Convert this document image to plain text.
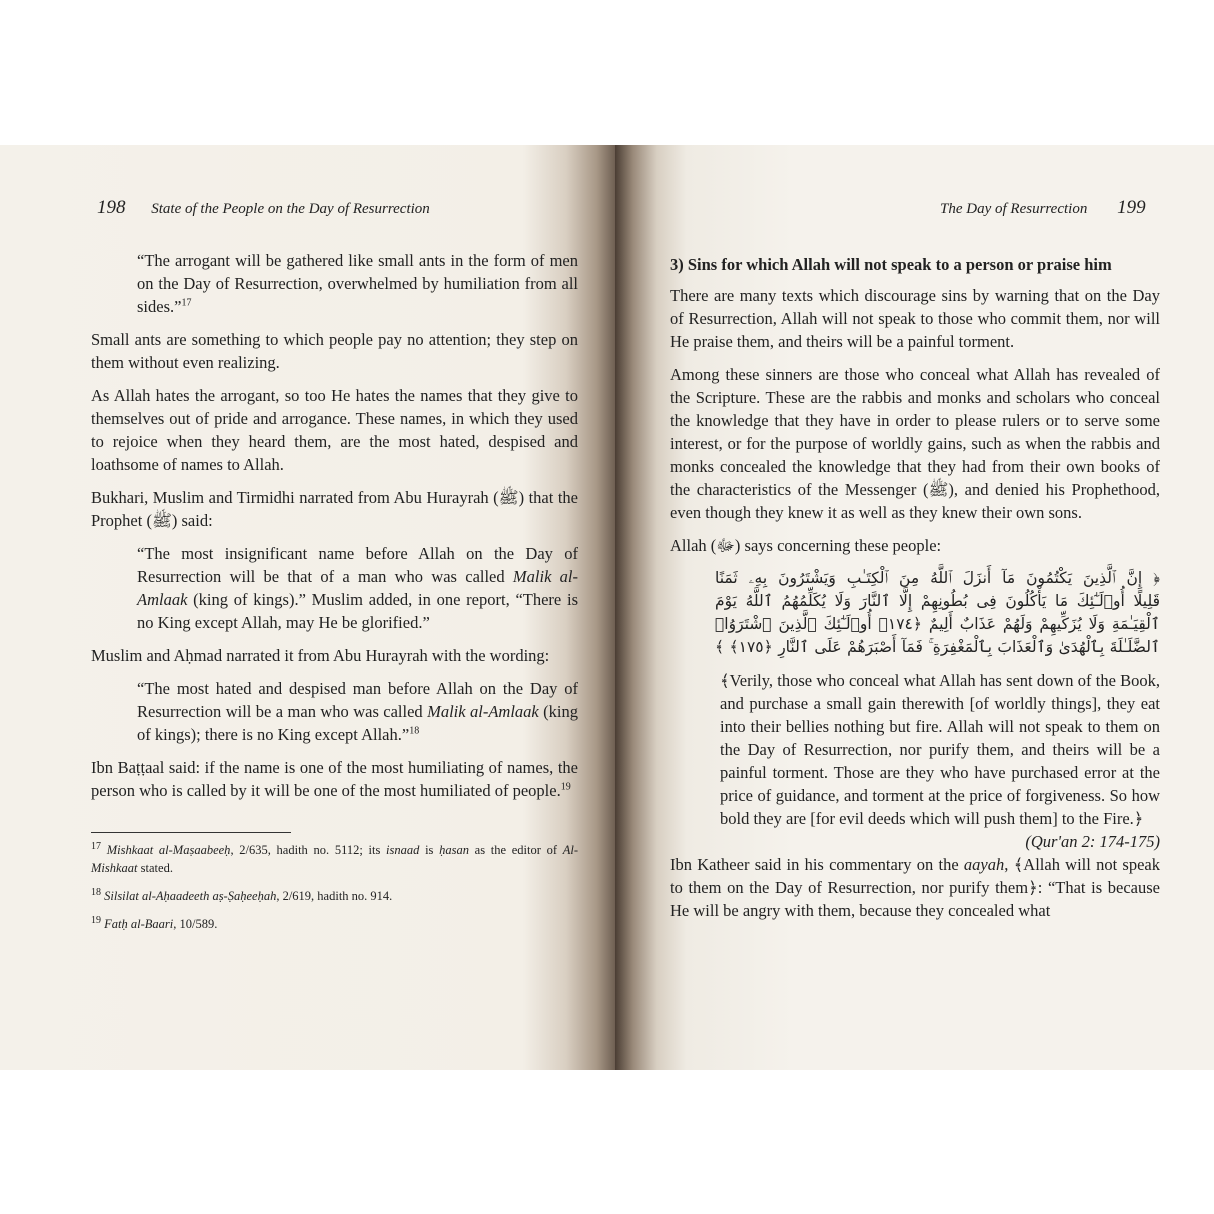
198 State of the People on the Day of Resurrection

“The arrogant will be gathered like small ants in the form of men on the Day of Resurrection, overwhelmed by humiliation from all sides.”$^{17}$

Small ants are something to which people pay no attention; they step on them without even realizing.

As Allah hates the arrogant, so too He hates the names that they give to themselves out of pride and arrogance. These names, in which they used to rejoice when they heard them, are the most hated, despised and loathsome of names to Allah.

Bukhari, Muslim and Tirmidhi narrated from Abu Hurayrah (ﷺ) that the Prophet (ﷺ) said:

“The most insignificant name before Allah on the Day of Resurrection will be that of a man who was called Malik al-Amlaak (king of kings).” Muslim added, in one report, “There is no King except Allah, may He be glorified.”

Muslim and Aḥmad narrated it from Abu Hurayrah with the wording:

“The most hated and despised man before Allah on the Day of Resurrection will be a man who was called Malik al-Amlaak (king of kings); there is no King except Allah.”$^{18}$

Ibn Baṭṭaal said: if the name is one of the most humiliating of names, the person who is called by it will be one of the most humiliated of people.$^{19}$

$^{17}$ Mishkaat al-Maṣaabeeḥ, 2/635, hadith no. 5112; its isnaad is ḥasan as the editor of Al-Mishkaat stated.

$^{18}$ Silsilat al-Aḥaadeeth aṣ-Ṣaḥeeḥah, 2/619, hadith no. 914.

$^{19}$ Fatḥ al-Baari, 10/589.

The Day of Resurrection 199
3) Sins for which Allah will not speak to a person or praise him

There are many texts which discourage sins by warning that on the Day of Resurrection, Allah will not speak to those who commit them, nor will He praise them, and theirs will be a painful torment.

Among these sinners are those who conceal what Allah has revealed of the Scripture. These are the rabbis and monks and scholars who conceal the knowledge that they have in order to please rulers or to serve some interest, or for the purpose of worldly gains, such as when the rabbis and monks concealed the knowledge that they had from their own books of the characteristics of the Messenger (ﷺ), and denied his Prophethood, even though they knew it as well as they knew their own sons.

Allah (ﷻ) says concerning these people:

﴿ إِنَّ ٱلَّذِينَ يَكْتُمُونَ مَآ أَنزَلَ ٱللَّهُ مِنَ ٱلْكِتَـٰبِ وَيَشْتَرُونَ بِهِۦ ثَمَنًا
قَلِيلًا أُو۟لَـٰٓئِكَ مَا يَأْكُلُونَ فِى بُطُونِهِمْ إِلَّا ٱلنَّارَ وَلَا يُكَلِّمُهُمُ ٱللَّهُ يَوْمَ
ٱلْقِيَـٰمَةِ وَلَا يُزَكِّيهِمْ وَلَهُمْ عَذَابٌ أَلِيمٌ ﴿١٧٤﴾ أُو۟لَـٰٓئِكَ ٱلَّذِينَ ٱشْتَرَوُا۟
ٱلضَّلَـٰلَةَ بِٱلْهُدَىٰ وَٱلْعَذَابَ بِٱلْمَغْفِرَةِ ۚ فَمَآ أَصْبَرَهُمْ عَلَى ٱلنَّارِ ﴿١٧٥﴾ ﴾

﴾Verily, those who conceal what Allah has sent down of the Book, and purchase a small gain therewith [of worldly things], they eat into their bellies nothing but fire. Allah will not speak to them on the Day of Resurrection, nor purify them, and theirs will be a painful torment. Those are they who have purchased error at the price of guidance, and torment at the price of forgiveness. So how bold they are [for evil deeds which will push them] to the Fire.﴿
(Qur'an 2: 174-175)

Ibn Katheer said in his commentary on the aayah, ﴾Allah will not speak to them on the Day of Resurrection, nor purify them﴿: “That is because He will be angry with them, because they concealed what
